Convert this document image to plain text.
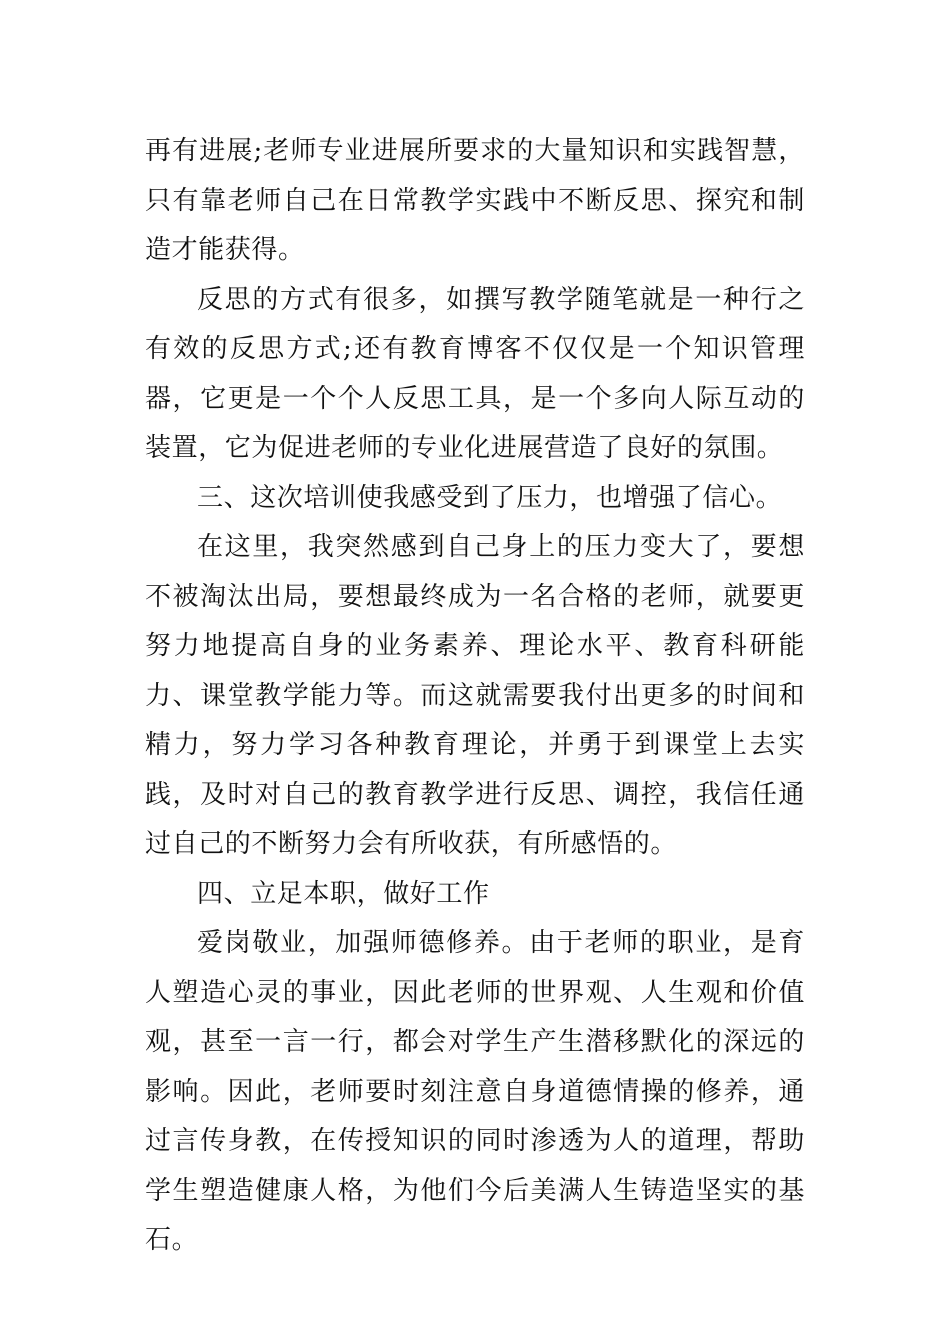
再有进展;老师专业进展所要求的大量知识和实践智慧，只有靠老师自己在日常教学实践中不断反思、探究和制造才能获得。

反思的方式有很多，如撰写教学随笔就是一种行之有效的反思方式;还有教育博客不仅仅是一个知识管理器，它更是一个个人反思工具，是一个多向人际互动的装置，它为促进老师的专业化进展营造了良好的氛围。

三、这次培训使我感受到了压力，也增强了信心。

在这里，我突然感到自己身上的压力变大了，要想不被淘汰出局，要想最终成为一名合格的老师，就要更努力地提高自身的业务素养、理论水平、教育科研能力、课堂教学能力等。而这就需要我付出更多的时间和精力，努力学习各种教育理论，并勇于到课堂上去实践，及时对自己的教育教学进行反思、调控，我信任通过自己的不断努力会有所收获，有所感悟的。

四、立足本职，做好工作

爱岗敬业，加强师德修养。由于老师的职业，是育人塑造心灵的事业，因此老师的世界观、人生观和价值观，甚至一言一行，都会对学生产生潜移默化的深远的影响。因此，老师要时刻注意自身道德情操的修养，通过言传身教，在传授知识的同时渗透为人的道理，帮助学生塑造健康人格，为他们今后美满人生铸造坚实的基石。
